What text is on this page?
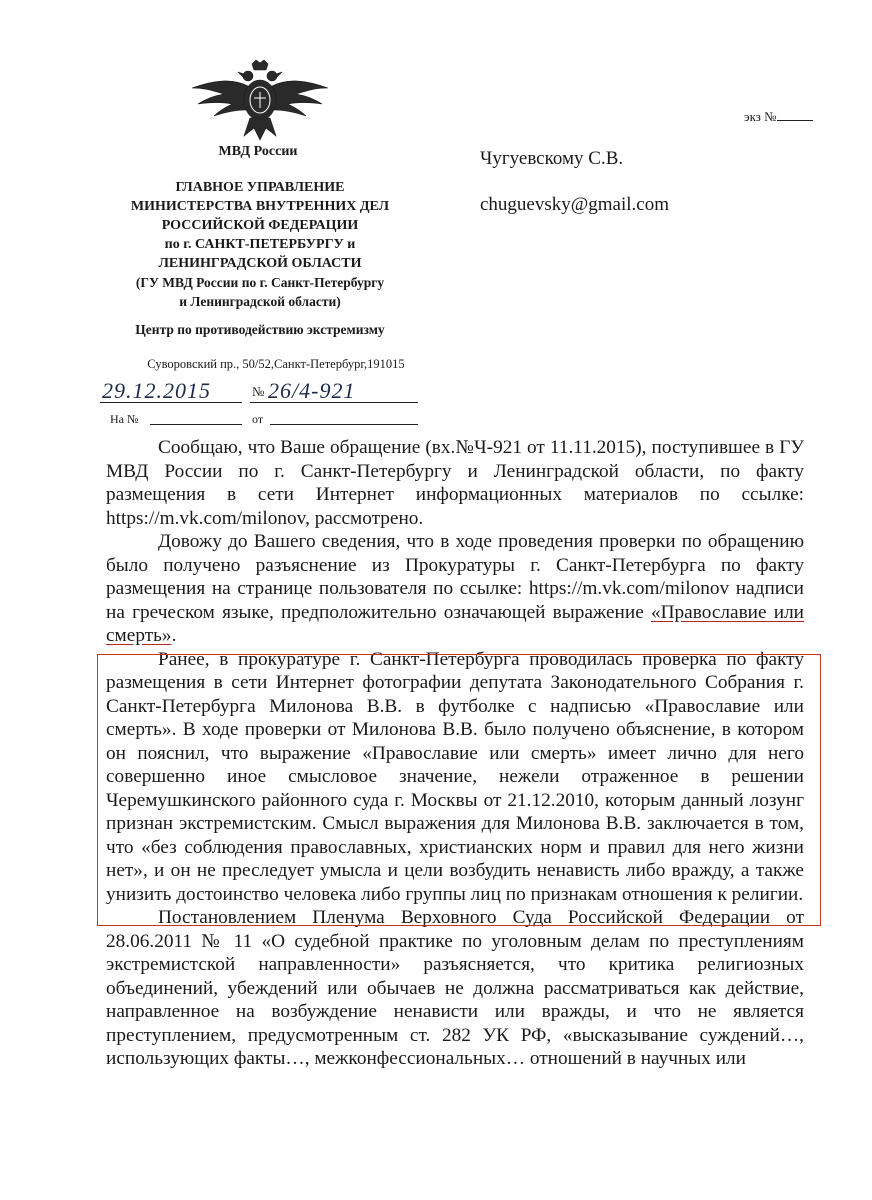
МВД России
ГЛАВНОЕ УПРАВЛЕНИЕ
МИНИСТЕРСТВА ВНУТРЕННИХ ДЕЛ
РОССИЙСКОЙ ФЕДЕРАЦИИ
по г. САНКТ-ПЕТЕРБУРГУ и
ЛЕНИНГРАДСКОЙ ОБЛАСТИ
(ГУ МВД России по г. Санкт-Петербургу
и Ленинградской области)
Центр по противодействию экстремизму
Суворовский пр., 50/52,Санкт-Петербург,191015
29.12.2015	№ 26/4-921
На №	от
экз №
Чугуевскому С.В.
chuguevsky@gmail.com

Сообщаю, что Ваше обращение (вх.№Ч-921 от 11.11.2015), поступившее в ГУ МВД России по г. Санкт-Петербургу и Ленинградской области, по факту размещения в сети Интернет информационных материалов по ссылке: https://m.vk.com/milonov, рассмотрено.

Довожу до Вашего сведения, что в ходе проведения проверки по обращению было получено разъяснение из Прокуратуры г. Санкт-Петербурга по факту размещения на странице пользователя по ссылке: https://m.vk.com/milonov надписи на греческом языке, предположительно означающей выражение «Православие или смерть».

Ранее, в прокуратуре г. Санкт-Петербурга проводилась проверка по факту размещения в сети Интернет фотографии депутата Законодательного Собрания г. Санкт-Петербурга Милонова В.В. в футболке с надписью «Православие или смерть». В ходе проверки от Милонова В.В. было получено объяснение, в котором он пояснил, что выражение «Православие или смерть» имеет лично для него совершенно иное смысловое значение, нежели отраженное в решении Черемушкинского районного суда г. Москвы от 21.12.2010, которым данный лозунг признан экстремистским. Смысл выражения для Милонова В.В. заключается в том, что «без соблюдения православных, христианских норм и правил для него жизни нет», и он не преследует умысла и цели возбудить ненависть либо вражду, а также унизить достоинство человека либо группы лиц по признакам отношения к религии.

Постановлением Пленума Верховного Суда Российской Федерации от 28.06.2011 № 11 «О судебной практике по уголовным делам по преступлениям экстремистской направленности» разъясняется, что критика религиозных объединений, убеждений или обычаев не должна рассматриваться как действие, направленное на возбуждение ненависти или вражды, и что не является преступлением, предусмотренным ст. 282 УК РФ, «высказывание суждений…, использующих факты…, межконфессиональных… отношений в научных или
